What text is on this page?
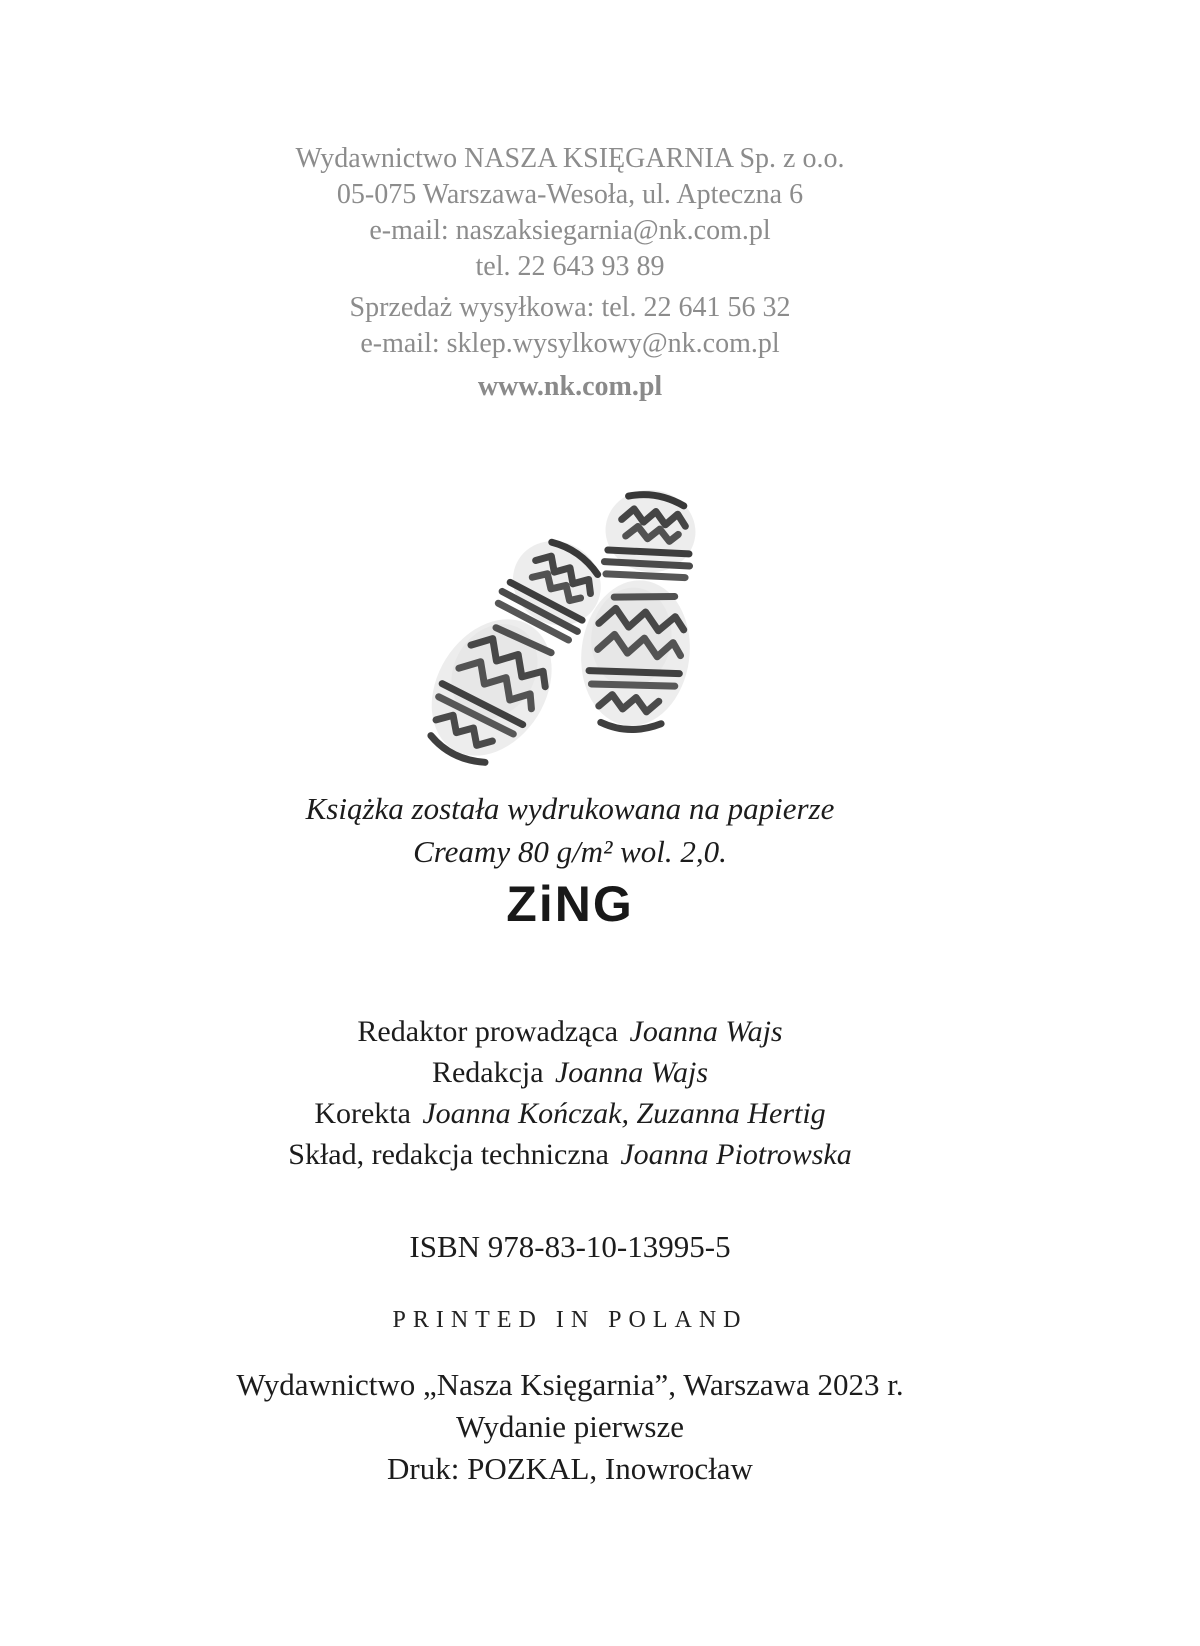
Wydawnictwo NASZA KSIĘGARNIA Sp. z o.o.
05-075 Warszawa-Wesoła, ul. Apteczna 6
e-mail: naszaksiegarnia@nk.com.pl
tel. 22 643 93 89
Sprzedaż wysyłkowa: tel. 22 641 56 32
e-mail: sklep.wysylkowy@nk.com.pl
www.nk.com.pl
Książka została wydrukowana na papierze
Creamy 80 g/m² wol. 2,0.
ZiNG
Redaktor prowadząca Joanna Wajs
Redakcja Joanna Wajs
Korekta Joanna Kończak, Zuzanna Hertig
Skład, redakcja techniczna Joanna Piotrowska
ISBN 978-83-10-13995-5
PRINTED IN POLAND
Wydawnictwo „Nasza Księgarnia”, Warszawa 2023 r.
Wydanie pierwsze
Druk: POZKAL, Inowrocław
